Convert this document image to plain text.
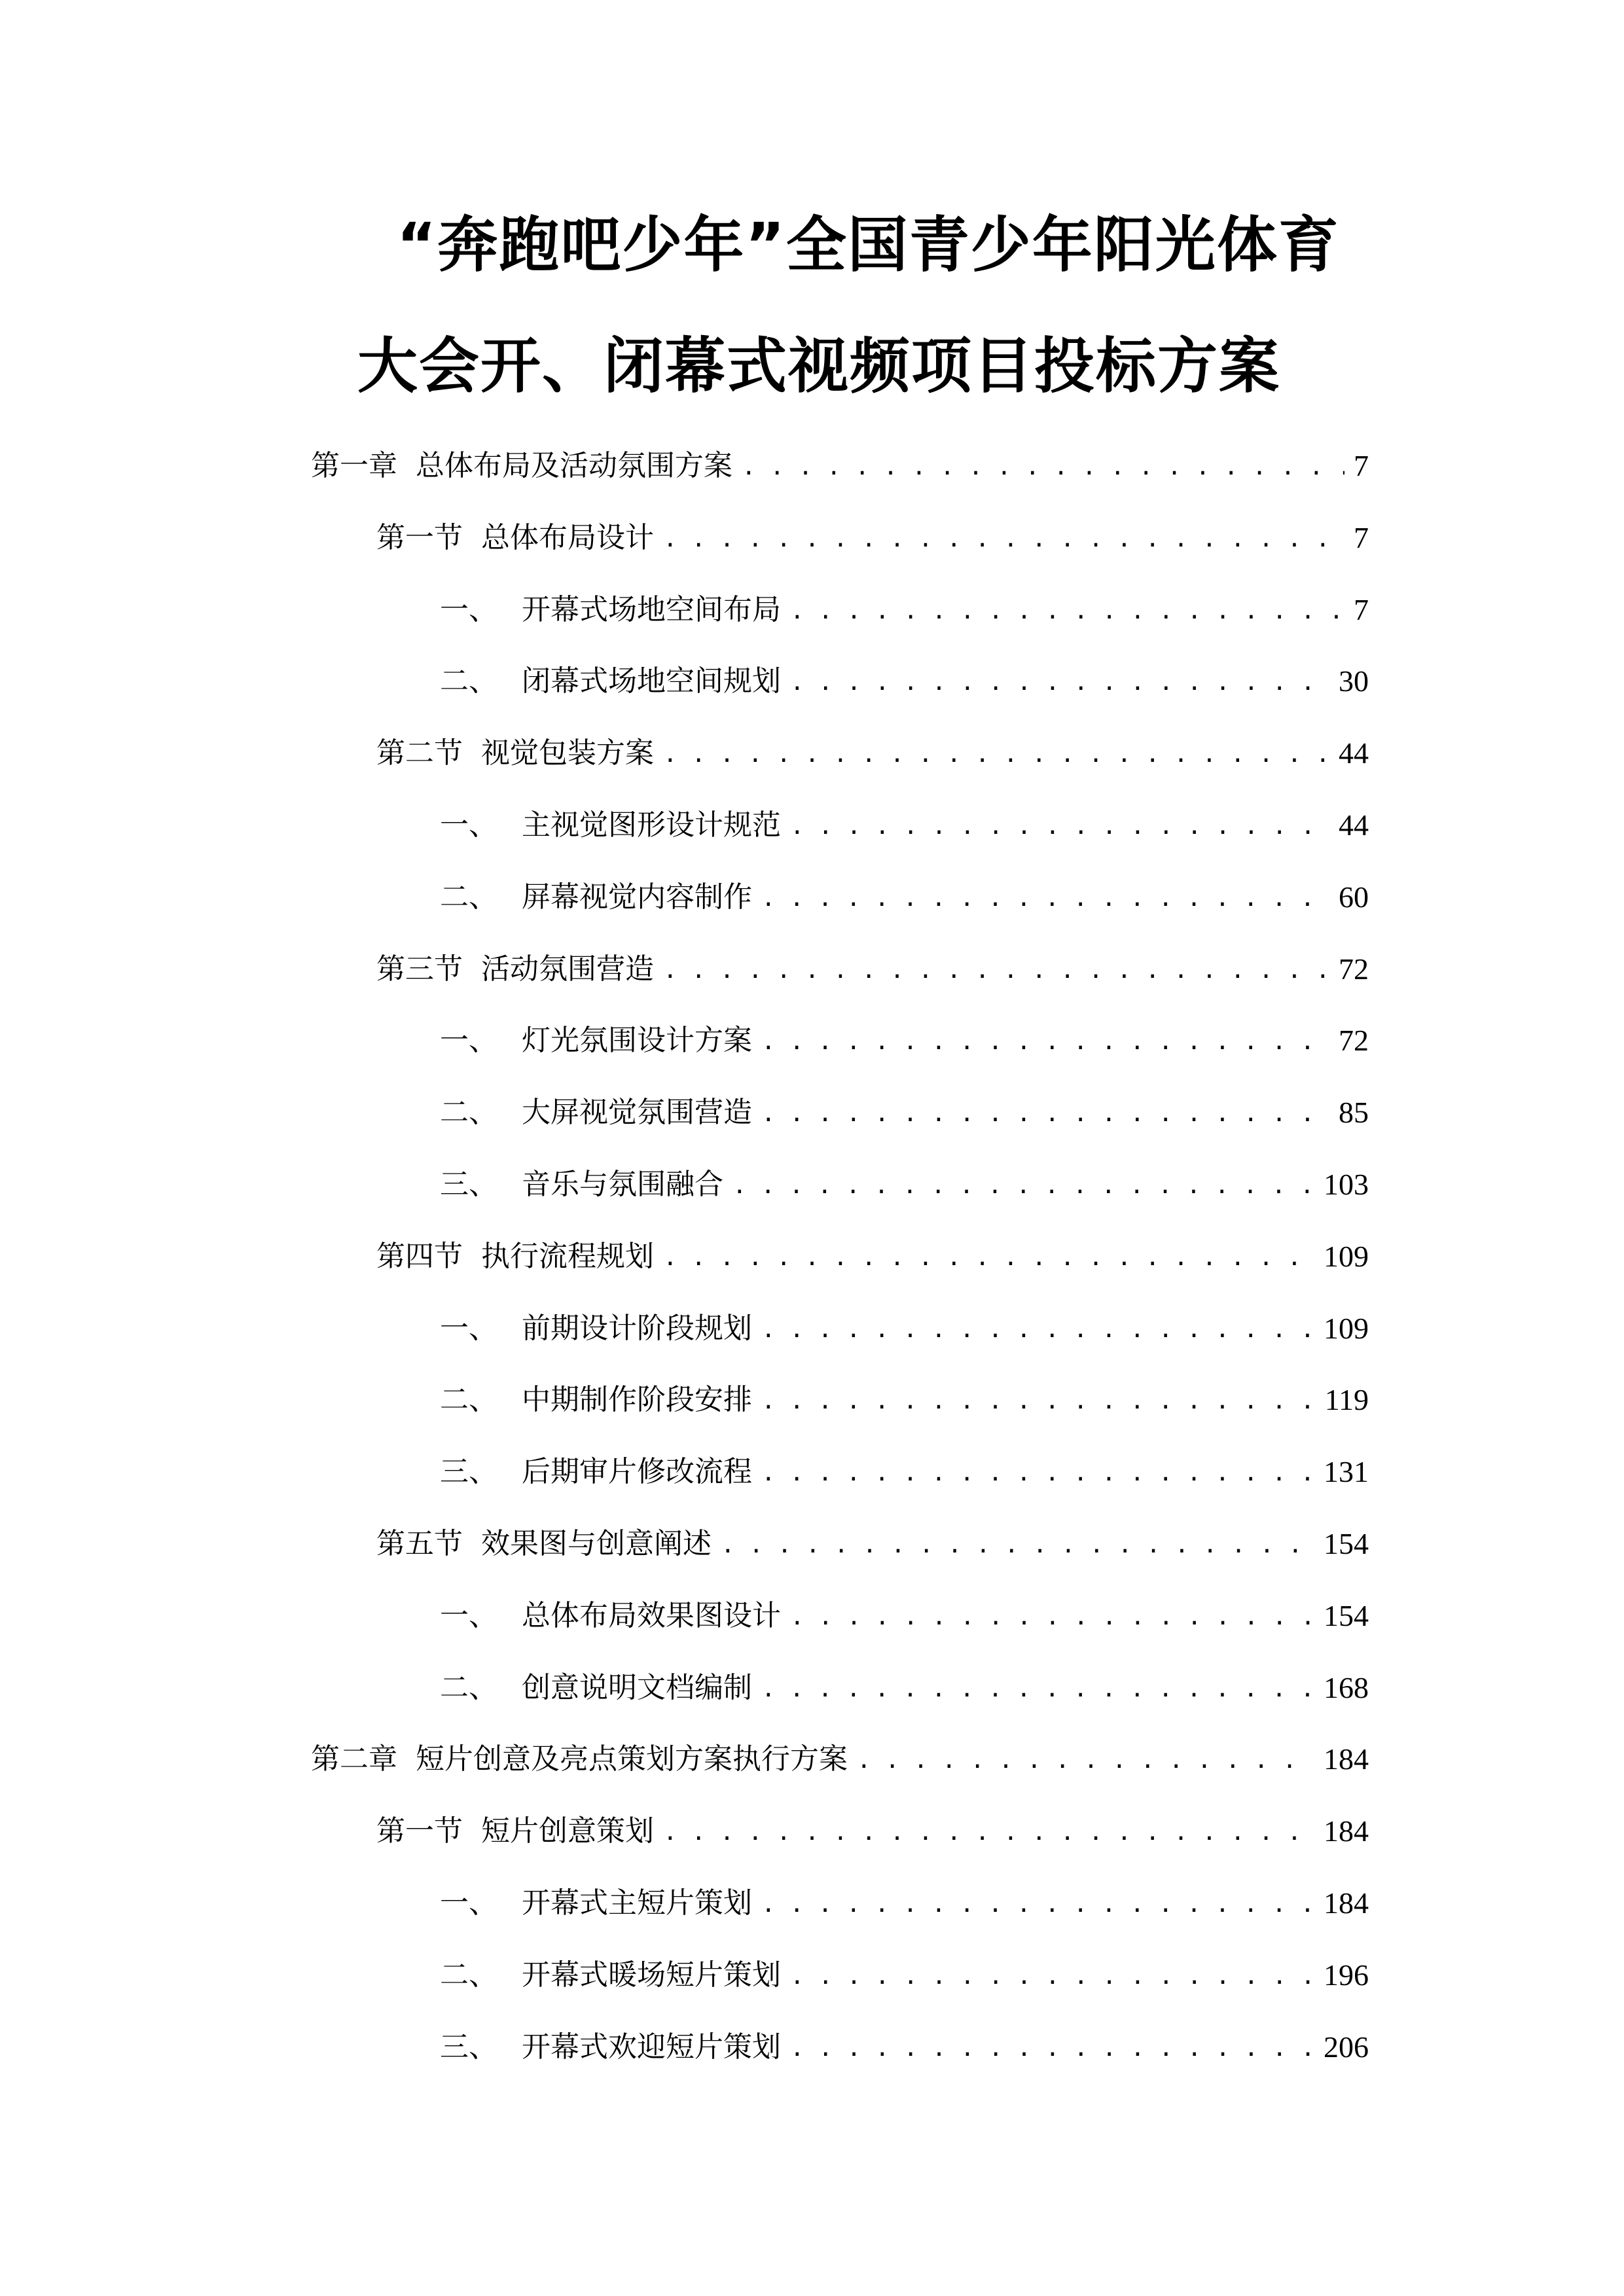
“奔跑吧少年”全国青少年阳光体育
大会开、闭幕式视频项目投标方案
第一章 总体布局及活动氛围方案 . . .	7
第一节 总体布局设计 . . .	7
一、 开幕式场地空间布局 . . .	7
二、 闭幕式场地空间规划 . . .	30
第二节 视觉包装方案 . . .	44
一、 主视觉图形设计规范 . . .	44
二、 屏幕视觉内容制作 . . .	60
第三节 活动氛围营造 . . .	72
一、 灯光氛围设计方案 . . .	72
二、 大屏视觉氛围营造 . . .	85
三、 音乐与氛围融合 . . .	103
第四节 执行流程规划 . . .	109
一、 前期设计阶段规划 . . .	109
二、 中期制作阶段安排 . . .	119
三、 后期审片修改流程 . . .	131
第五节 效果图与创意阐述 . . .	154
一、 总体布局效果图设计 . . .	154
二、 创意说明文档编制 . . .	168
第二章 短片创意及亮点策划方案执行方案 . . .	184
第一节 短片创意策划 . . .	184
一、 开幕式主短片策划 . . .	184
二、 开幕式暖场短片策划 . . .	196
三、 开幕式欢迎短片策划 . . .	206
